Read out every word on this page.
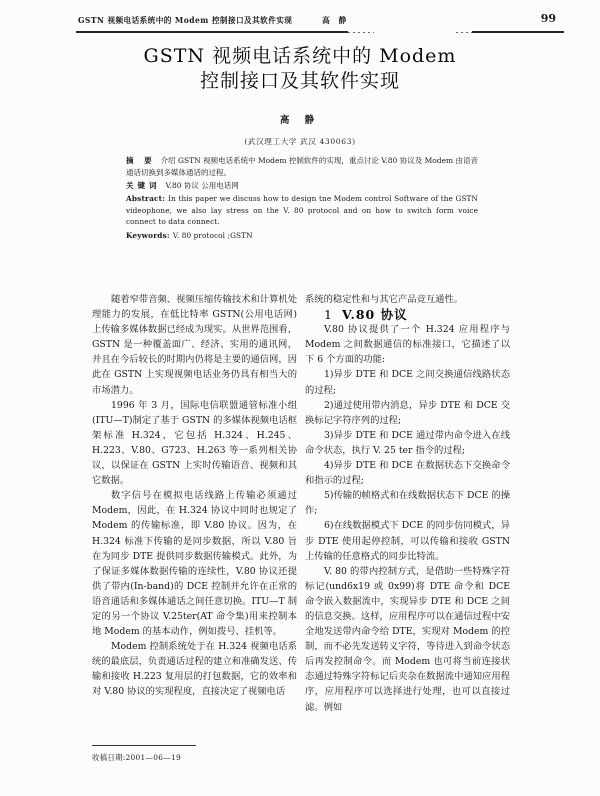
GSTN 视频电话系统中的 Modem 控制接口及其软件实现	高 静	99
GSTN 视频电话系统中的 Modem
控制接口及其软件实现
高 静
(武汉理工大学 武汉 430063)
摘 要 介绍 GSTN 视频电话系统中 Modem 控制软件的实现，重点讨论 V.80 协议及 Modem 由语音通话切换到多媒体通话的过程。
关键词 V.80 协议 公用电话网
Abstract: In this paper we discuss how to design tne Modem control Software of the GSTN videophone, we also lay stress on the V. 80 protocol and on how to switch form voice connect to data connect.
Keywords: V. 80 protocol ;GSTN

随着窄带音频、视频压缩传输技术和计算机处理能力的发展，在低比特率 GSTN(公用电话网)上传输多媒体数据已经成为现实。从世界范围看，GSTN 是一种覆盖面广、经济、实用的通讯网，并且在今后较长的时期内仍将是主要的通信网，因此在 GSTN 上实现视频电话业务仍具有相当大的市场潜力。

1996 年 3 月，国际电信联盟通管标准小组(ITU—T)制定了基于 GSTN 的多媒体视频电话框架标准 H.324，它包括 H.324、H.245、H.223、V.80、G723、H.263 等一系列相关协议，以保证在 GSTN 上实时传输语音、视频和其它数据。

数字信号在模拟电话线路上传输必须通过 Modem，因此，在 H.324 协议中同时也规定了 Modem 的传输标准，即 V.80 协议。因为，在 H.324 标准下传输的是同步数据，所以 V.80 旨在为同步 DTE 提供同步数据传输模式。此外，为了保证多媒体数据传输的连续性，V.80 协议还提供了带内(In-band)的 DCE 控制并允许在正常的语音通话和多媒体通话之间任意切换。ITU—T 制定的另一个协议 V.25ter(AT 命令集)用来控制本地 Modem 的基本动作，例如拨号、挂机等。

Modem 控制系统处于在 H.324 视频电话系统的最底层，负责通话过程的建立和准确发送、传输和接收 H.223 复用层的打包数据，它的效率和对 V.80 协议的实现程度，直接决定了视频电话

系统的稳定性和与其它产品竞互通性。

1 V.80 协议

V.80 协议提供了一个 H.324 应用程序与 Modem 之间数据通信的标准接口，它描述了以下 6 个方面的功能:

1)异步 DTE 和 DCE 之间交换通信线路状态的过程;

2)通过使用带内消息，异步 DTE 和 DCE 交换标记字符序列的过程;

3)异步 DTE 和 DCE 通过带内命令进入在线命令状态，执行 V. 25 ter 指令的过程;

4)异步 DTE 和 DCE 在数据状态下交换命令和指示的过程;

5)传输的帧格式和在线数据状态下 DCE 的操作;

6)在线数据模式下 DCE 的同步仿同模式，异步 DTE 使用起停控制，可以传输和接收 GSTN 上传输的任意格式的同步比特流。

V. 80 的带内控制方式，是借助一些特殊字符标记(und6x19 或 0x99)将 DTE 命令和 DCE 命令嵌入数据流中，实现异步 DTE 和 DCE 之间的信息交换。这样，应用程序可以在通信过程中安全地发送带内命令给 DTE，实现对 Modem 的控制，而不必先发送转义字符，等待进入到命令状态后再发控制命令。而 Modem 也可将当前连接状态通过特殊字符标记后夹杂在数据流中通知应用程序，应用程序可以选择进行处理，也可以直接过滤。例如

收稿日期:2001—06—19
